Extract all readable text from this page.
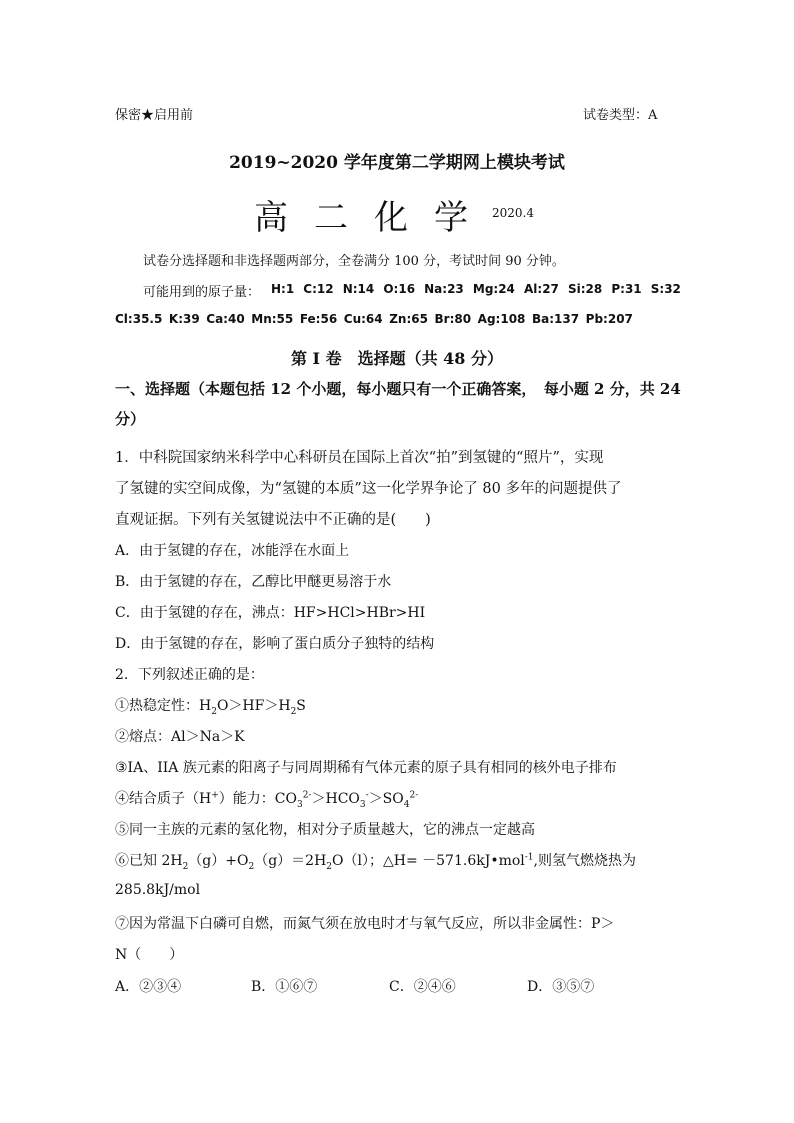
保密★启用前	试卷类型：A
2019~2020 学年度第二学期网上模块考试
高二化学
2020.4
试卷分选择题和非选择题两部分，全卷满分 100 分，考试时间 90 分钟。
可能用到的原子量： H:1 C:12 N:14 O:16 Na:23 Mg:24 Al:27 Si:28 P:31 S:32
Cl:35.5 K:39 Ca:40 Mn:55 Fe:56 Cu:64 Zn:65 Br:80 Ag:108 Ba:137 Pb:207
第 I 卷　选择题（共 48 分）
一、选择题（本题包括 12 个小题，每小题只有一个正确答案，　每小题 2 分，共 24
分）
1．中科院国家纳米科学中心科研员在国际上首次“拍”到氢键的“照片”，实现
了氢键的实空间成像，为“氢键的本质”这一化学界争论了 80 多年的问题提供了
直观证据。下列有关氢键说法中不正确的是(　　)
A．由于氢键的存在，冰能浮在水面上
B．由于氢键的存在，乙醇比甲醚更易溶于水
C．由于氢键的存在，沸点：HF>HCl>HBr>HI
D．由于氢键的存在，影响了蛋白质分子独特的结构
2．下列叙述正确的是：
①热稳定性：$H_2O>HF>H_2S$
②熔点：Al＞Na＞K
③IA、IIA 族元素的阳离子与同周期稀有气体元素的原子具有相同的核外电子排布
④结合质子（H+）能力：$CO_3^{2-}>HCO_3^->SO_4^{2-}$
⑤同一主族的元素的氢化物，相对分子质量越大，它的沸点一定越高
⑥已知 $2H_2(g)+O_2(g)=2H_2O(l)$；△H= －571.6kJ•mol$^{-1}$,则氢气燃烧热为
285.8kJ/mol
⑦因为常温下白磷可自燃，而氮气须在放电时才与氧气反应，所以非金属性：P＞
N（　　）
A．②③④	B．①⑥⑦	C．②④⑥	D．③⑤⑦
